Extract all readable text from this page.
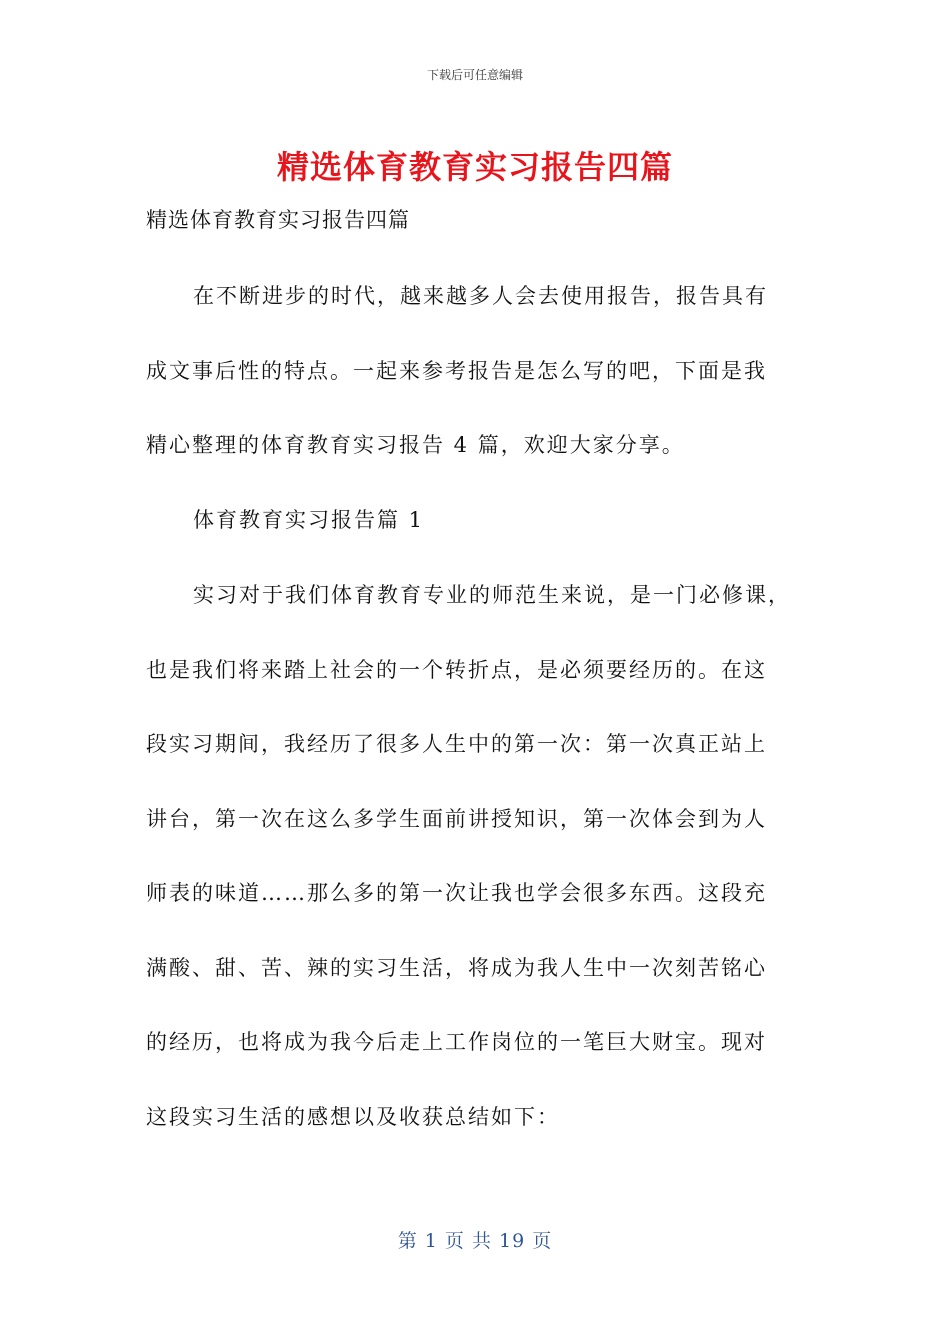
下载后可任意编辑
精选体育教育实习报告四篇
精选体育教育实习报告四篇
在不断进步的时代，越来越多人会去使用报告，报告具有
成文事后性的特点。一起来参考报告是怎么写的吧，下面是我
精心整理的体育教育实习报告 4 篇，欢迎大家分享。
体育教育实习报告篇 1
实习对于我们体育教育专业的师范生来说，是一门必修课，
也是我们将来踏上社会的一个转折点，是必须要经历的。在这
段实习期间，我经历了很多人生中的第一次：第一次真正站上
讲台，第一次在这么多学生面前讲授知识，第一次体会到为人
师表的味道……那么多的第一次让我也学会很多东西。这段充
满酸、甜、苦、辣的实习生活，将成为我人生中一次刻苦铭心
的经历，也将成为我今后走上工作岗位的一笔巨大财宝。现对
这段实习生活的感想以及收获总结如下：
第 1 页 共 19 页
